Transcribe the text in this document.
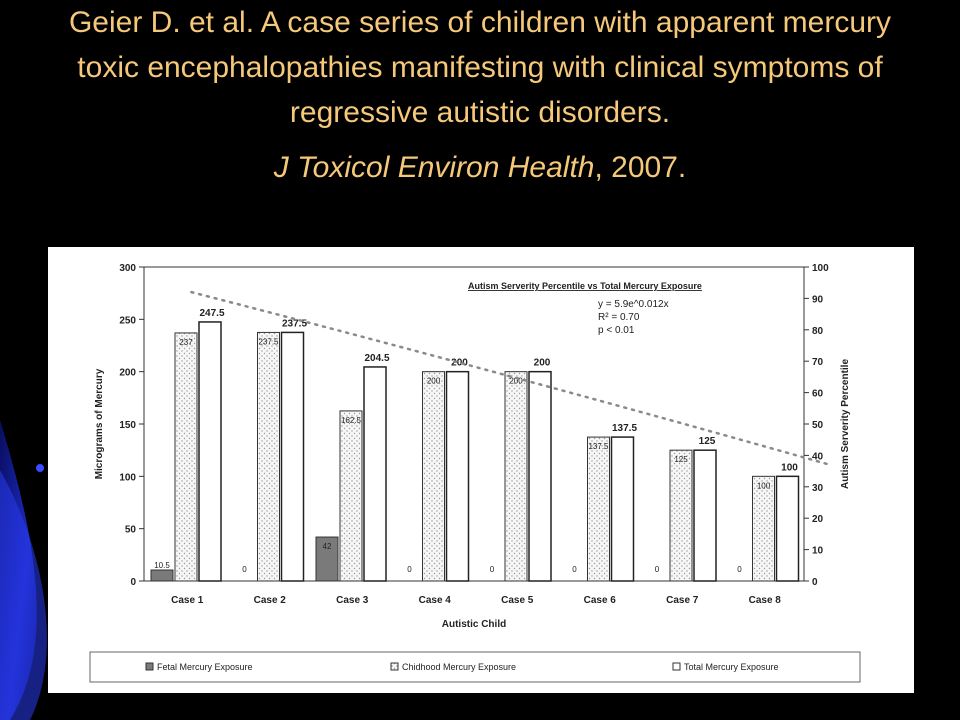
Geier D. et al. A case series of children with apparent mercury toxic encephalopathies manifesting with clinical symptoms of regressive autistic disorders.
J Toxicol Environ Health, 2007.
0
50
100
150
200
250
300
0
10
20
30
40
50
60
70
80
90
100
Micrograms of Mercury	Autism Serverity Percentile
Autistic Child
10.5
237
247.5
Case 1
0
237.5
237.5
Case 2
42
162.5
204.5
Case 3
0
200
200
Case 4
0
200
200
Case 5
0
137.5
137.5
Case 6
0
125
125
Case 7
0
100
100
Case 8
Autism Serverity Percentile vs Total Mercury Exposure
y = 5.9e^0.012x
R² = 0.70
p < 0.01
Fetal Mercury Exposure	Chidhood Mercury Exposure	Total Mercury Exposure
